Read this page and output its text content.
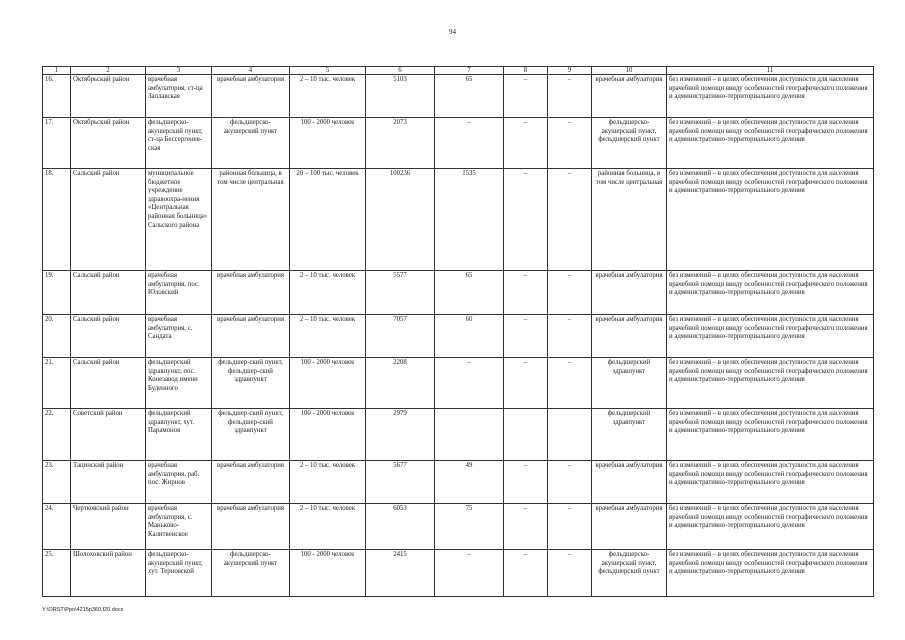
94
1	2	3	4	5	6	7	8	9	10	11
16.	Октябрьский район	врачебная амбулатория, ст-ца Заплавская	врачебная амбулатория	2 – 10 тыс. человек	5103	65	–	–	врачебная амбулатория	без изменений – в целях обеспечения доступности для населения врачебной помощи ввиду особенностей географического положения и административно-территориального деления
17.	Октябрьский район	фельдшерско-акушерский пункт, ст-ца Бессергенев-ская	фельдшерско-акушерский пункт	100 - 2000 человек	2073	–	–	–	фельдшерско-акушерский пункт, фельдшерский пункт	без изменений – в целях обеспечения доступности для населения врачебной помощи ввиду особенностей географического положения и административно-территориального деления
18.	Сальский район	муниципальное бюджетное учреждение здравоохра-нения «Центральная районная больница» Сальского района	районная больница, в том числе центральная	20 – 100 тыс. человек	100236	1535	–	–	районная больница, в том числе центральная	без изменений – в целях обеспечения доступности для населения врачебной помощи ввиду особенностей географического положения и административно-территориального деления
19.	Сальский район	врачебная амбулатория, пос. Юловский	врачебная амбулатория	2 – 10 тыс. человек	5577	65	–	–	врачебная амбулатория	без изменений – в целях обеспечения доступности для населения врачебной помощи ввиду особенностей географического положения и административно-территориального деления
20.	Сальский район	врачебная амбулатория, с. Сандата	врачебная амбулатория	2 – 10 тыс. человек	7057	60	–	–	врачебная амбулатория	без изменений – в целях обеспечения доступности для населения врачебной помощи ввиду особенностей географического положения и административно-территориального деления
21.	Сальский район	фельдшерский здравпункт, пос. Конезавод имени Буденного	фельдшер-ский пункт, фельдшер-ский здравпункт	100 - 2000 человек	2208	–	–	–	фельдшерский здравпункт	без изменений – в целях обеспечения доступности для населения врачебной помощи ввиду особенностей географического положения и административно-территориального деления
22.	Советский район	фельдшерский здравпункт, хут. Парамонов	фельдшер-ский пункт, фельдшер-ский здравпункт	100 - 2000 человек	2979				фельдшерский здравпункт	без изменений – в целях обеспечения доступности для населения врачебной помощи ввиду особенностей географического положения и административно-территориального деления
23.	Тацинский район	врачебная амбулатория, раб. пос. Жирнов	врачебная амбулатория	2 – 10 тыс. человек	5677	49	–	–	врачебная амбулатория	без изменений – в целях обеспечения доступности для населения врачебной помощи ввиду особенностей географического положения и административно-территориального деления
24.	Чертковский район	врачебная амбулатория, с. Маньково-Калитвенское	врачебная амбулатория	2 – 10 тыс. человек	6053	75	–	–	врачебная амбулатория	без изменений – в целях обеспечения доступности для населения врачебной помощи ввиду особенностей географического положения и административно-территориального деления
25.	Шолоховский район	фельдшерско-акушерский пункт, хут. Терновской	фельдшерско-акушерский пункт	100 - 2000 человек	2415	–	–	–	фельдшерско-акушерский пункт, фельдшерский пункт	без изменений – в целях обеспечения доступности для населения врачебной помощи ввиду особенностей географического положения и административно-территориального деления
Y:\ORST\Ppo\4215p360.f20.docx
